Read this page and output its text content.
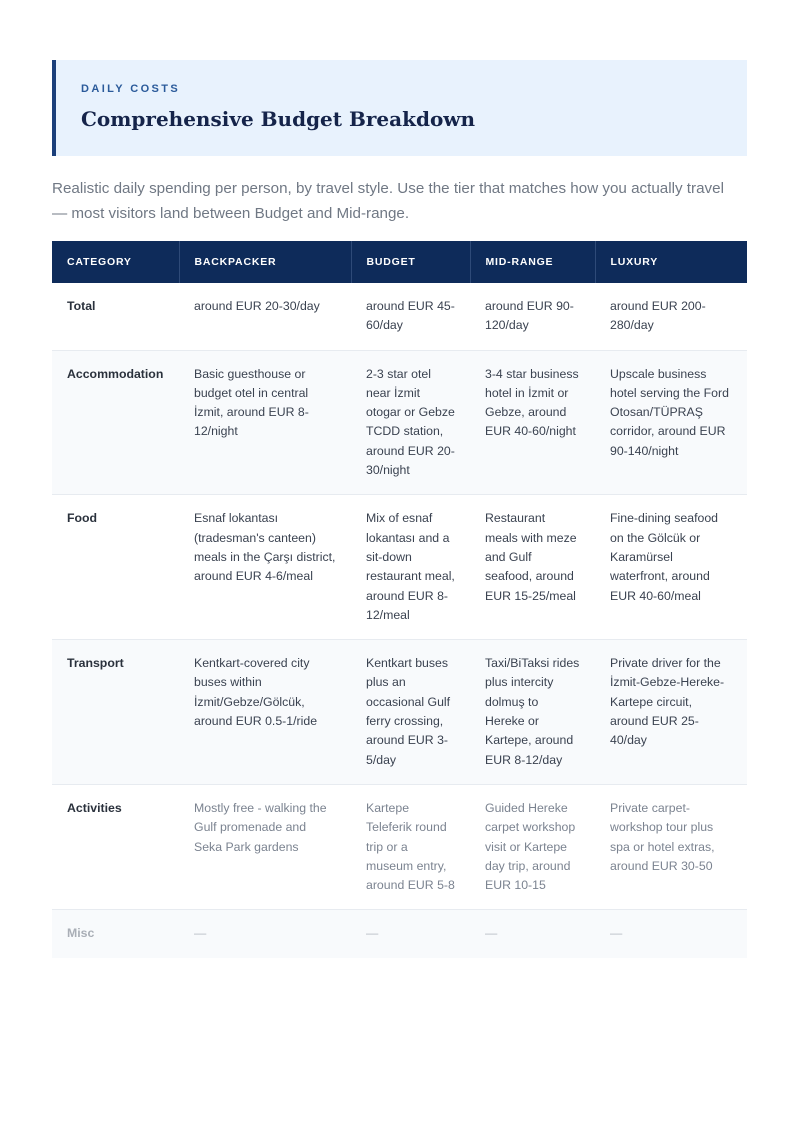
DAILY COSTS
Comprehensive Budget Breakdown

Realistic daily spending per person, by travel style. Use the tier that matches how you actually travel — most visitors land between Budget and Mid-range.

CATEGORY	BACKPACKER	BUDGET	MID-RANGE	LUXURY
Total	around EUR 20-30/day	around EUR 45-60/day	around EUR 90-120/day	around EUR 200-280/day
Accommodation	Basic guesthouse or budget otel in central İzmit, around EUR 8-12/night	2-3 star otel near İzmit otogar or Gebze TCDD station, around EUR 20-30/night	3-4 star business hotel in İzmit or Gebze, around EUR 40-60/night	Upscale business hotel serving the Ford Otosan/TÜPRAŞ corridor, around EUR 90-140/night
Food	Esnaf lokantası (tradesman's canteen) meals in the Çarşı district, around EUR 4-6/meal	Mix of esnaf lokantası and a sit-down restaurant meal, around EUR 8-12/meal	Restaurant meals with meze and Gulf seafood, around EUR 15-25/meal	Fine-dining seafood on the Gölcük or Karamürsel waterfront, around EUR 40-60/meal
Transport	Kentkart-covered city buses within İzmit/Gebze/Gölcük, around EUR 0.5-1/ride	Kentkart buses plus an occasional Gulf ferry crossing, around EUR 3-5/day	Taxi/BiTaksi rides plus intercity dolmuş to Hereke or Kartepe, around EUR 8-12/day	Private driver for the İzmit-Gebze-Hereke-Kartepe circuit, around EUR 25-40/day
Activities	Mostly free - walking the Gulf promenade and Seka Park gardens	Kartepe Teleferik round trip or a museum entry, around EUR 5-8	Guided Hereke carpet workshop visit or Kartepe day trip, around EUR 10-15	Private carpet-workshop tour plus spa or hotel extras, around EUR 30-50
Misc	—	—	—	—
